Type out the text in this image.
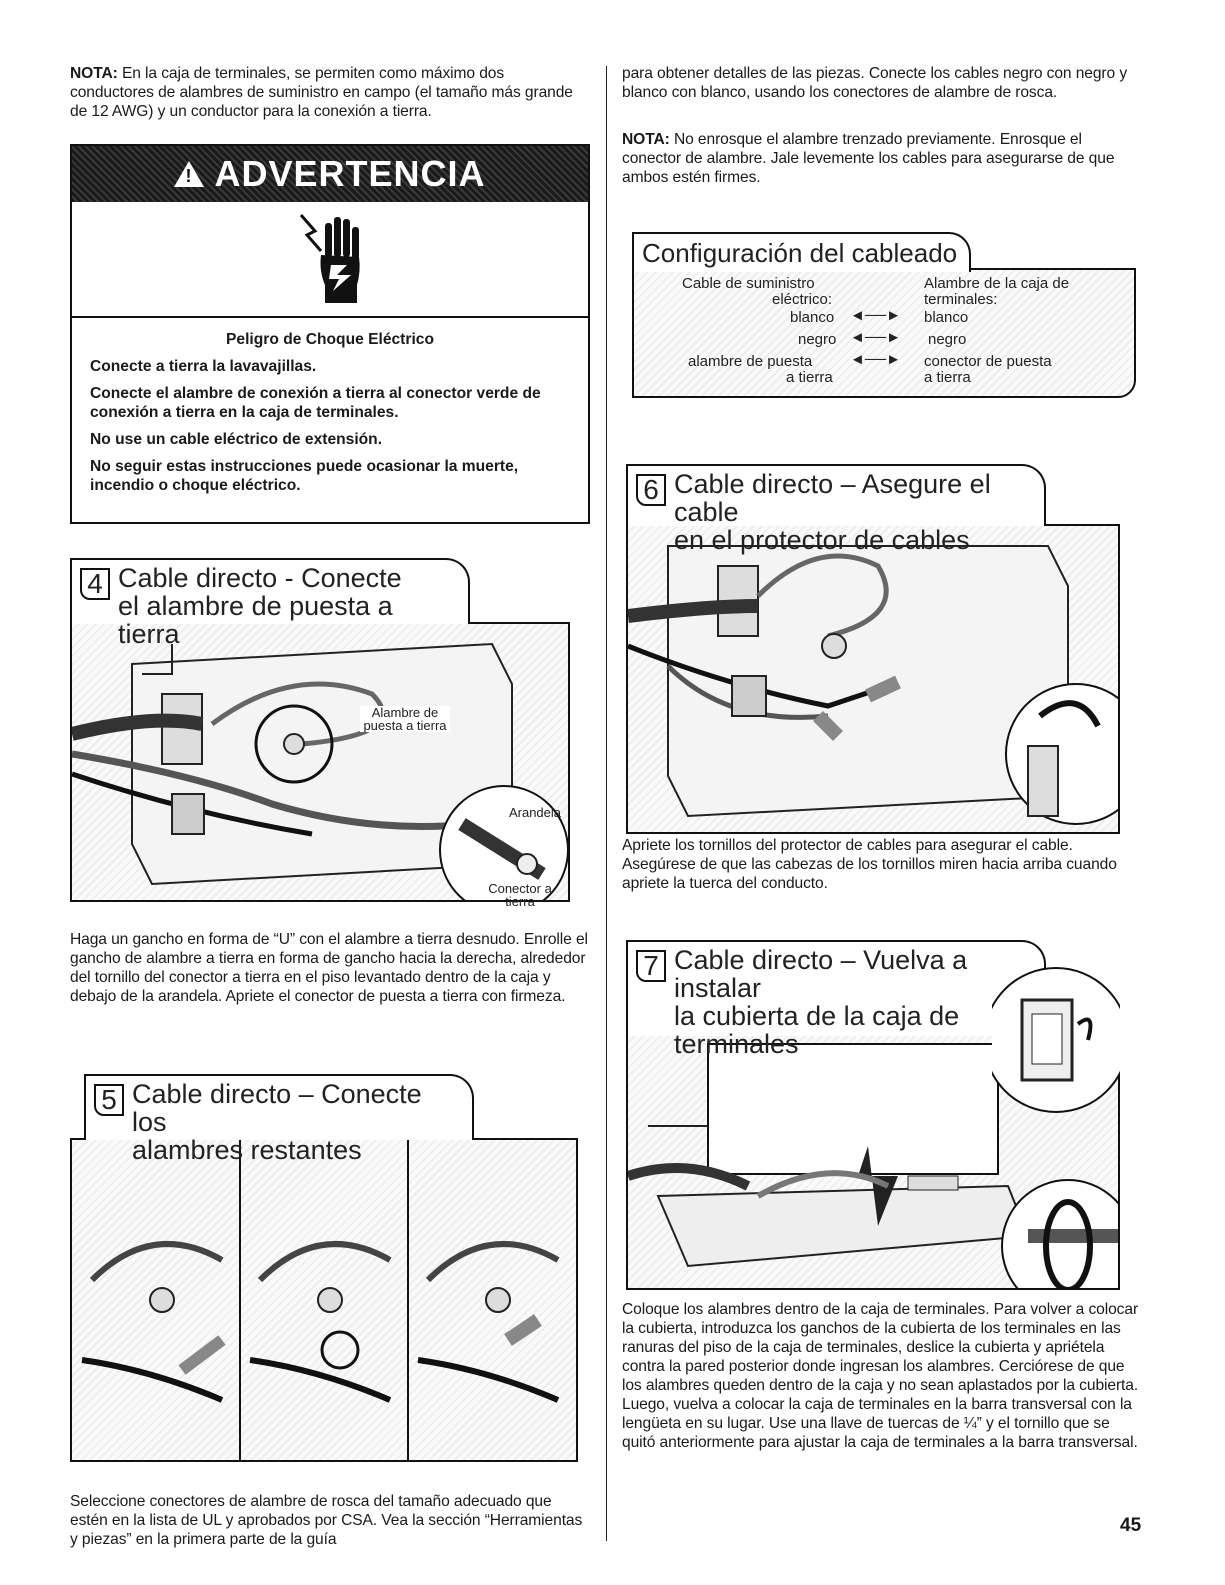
NOTA: En la caja de terminales, se permiten como máximo dos conductores de alambres de suministro en campo (el tamaño más grande de 12 AWG) y un conductor para la conexión a tierra.

!
ADVERTENCIA
Peligro de Choque Eléctrico

Conecte a tierra la lavavajillas.

Conecte el alambre de conexión a tierra al conector verde de conexión a tierra en la caja de terminales.

No use un cable eléctrico de extensión.

No seguir estas instrucciones puede ocasionar la muerte, incendio o choque eléctrico.

4 Cable directo - Conecte
el alambre de puesta a tierra
Alambre de puesta a tierra
Arandela
Conector a tierra

Haga un gancho en forma de “U” con el alambre a tierra desnudo. Enrolle el gancho de alambre a tierra en forma de gancho hacia la derecha, alrededor del tornillo del conector a tierra en el piso levantado dentro de la caja y debajo de la arandela. Apriete el conector de puesta a tierra con firmeza.

5 Cable directo – Conecte los
alambres restantes

Seleccione conectores de alambre de rosca del tamaño adecuado que estén en la lista de UL y aprobados por CSA. Vea la sección “Herramientas y piezas” en la primera parte de la guía

para obtener detalles de las piezas. Conecte los cables negro con negro y blanco con blanco, usando los conectores de alambre de rosca.

NOTA: No enrosque el alambre trenzado previamente. Enrosque el conector de alambre. Jale levemente los cables para asegurarse de que ambos estén firmes.

Configuración del cableado
Cable de suministro
eléctrico:
Alambre de la caja de
terminales:
blanco ◄──► blanco
negro ◄──► negro
alambre de puesta
a tierra
◄──► conector de puesta
a tierra
6 Cable directo – Asegure el cable
en el protector de cables

Apriete los tornillos del protector de cables para asegurar el cable. Asegúrese de que las cabezas de los tornillos miren hacia arriba cuando apriete la tuerca del conducto.

7 Cable directo – Vuelva a instalar
la cubierta de la caja de
terminales

Coloque los alambres dentro de la caja de terminales. Para volver a colocar la cubierta, introduzca los ganchos de la cubierta de los terminales en las ranuras del piso de la caja de terminales, deslice la cubierta y apriétela contra la pared posterior donde ingresan los alambres. Cerciórese de que los alambres queden dentro de la caja y no sean aplastados por la cubierta. Luego, vuelva a colocar la caja de terminales en la barra transversal con la lengüeta en su lugar. Use una llave de tuercas de ¼” y el tornillo que se quitó anteriormente para ajustar la caja de terminales a la barra transversal.

45
